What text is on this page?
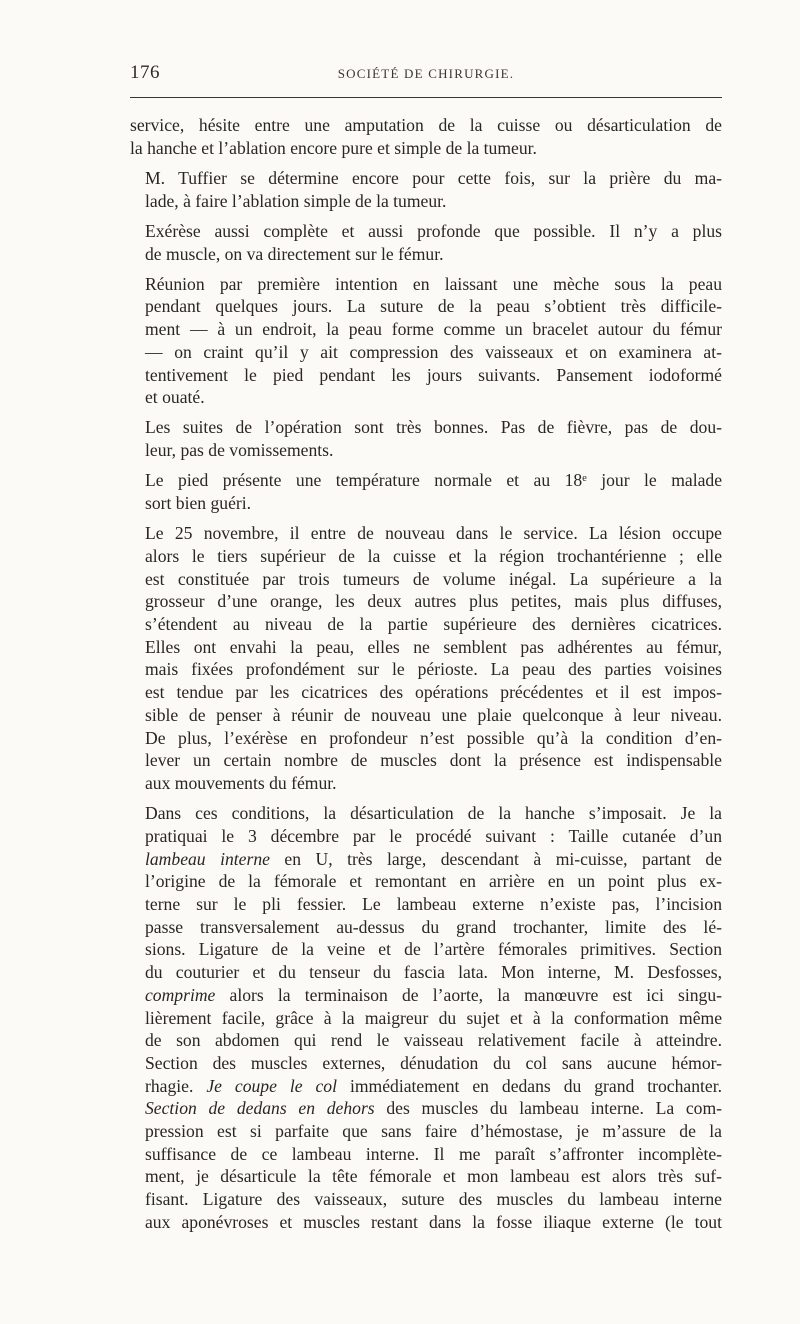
176	SOCIÉTÉ DE CHIRURGIE.

service, hésite entre une amputation de la cuisse ou désarticulation de
la hanche et l’ablation encore pure et simple de la tumeur.

M. Tuffier se détermine encore pour cette fois, sur la prière du ma-
lade, à faire l’ablation simple de la tumeur.

Exérèse aussi complète et aussi profonde que possible. Il n’y a plus
de muscle, on va directement sur le fémur.

Réunion par première intention en laissant une mèche sous la peau
pendant quelques jours. La suture de la peau s’obtient très difficile-
ment — à un endroit, la peau forme comme un bracelet autour du fémur
— on craint qu’il y ait compression des vaisseaux et on examinera at-
tentivement le pied pendant les jours suivants. Pansement iodoformé
et ouaté.

Les suites de l’opération sont très bonnes. Pas de fièvre, pas de dou-
leur, pas de vomissements.

Le pied présente une température normale et au 18ᵉ jour le malade
sort bien guéri.

Le 25 novembre, il entre de nouveau dans le service. La lésion occupe
alors le tiers supérieur de la cuisse et la région trochantérienne ; elle
est constituée par trois tumeurs de volume inégal. La supérieure a la
grosseur d’une orange, les deux autres plus petites, mais plus diffuses,
s’étendent au niveau de la partie supérieure des dernières cicatrices.
Elles ont envahi la peau, elles ne semblent pas adhérentes au fémur,
mais fixées profondément sur le périoste. La peau des parties voisines
est tendue par les cicatrices des opérations précédentes et il est impos-
sible de penser à réunir de nouveau une plaie quelconque à leur niveau.
De plus, l’exérèse en profondeur n’est possible qu’à la condition d’en-
lever un certain nombre de muscles dont la présence est indispensable
aux mouvements du fémur.

Dans ces conditions, la désarticulation de la hanche s’imposait. Je la
pratiquai le 3 décembre par le procédé suivant : Taille cutanée d’un
lambeau interne en U, très large, descendant à mi-cuisse, partant de
l’origine de la fémorale et remontant en arrière en un point plus ex-
terne sur le pli fessier. Le lambeau externe n’existe pas, l’incision
passe transversalement au-dessus du grand trochanter, limite des lé-
sions. Ligature de la veine et de l’artère fémorales primitives. Section
du couturier et du tenseur du fascia lata. Mon interne, M. Desfosses,
comprime alors la terminaison de l’aorte, la manœuvre est ici singu-
lièrement facile, grâce à la maigreur du sujet et à la conformation même
de son abdomen qui rend le vaisseau relativement facile à atteindre.
Section des muscles externes, dénudation du col sans aucune hémor-
rhagie. Je coupe le col immédiatement en dedans du grand trochanter.
Section de dedans en dehors des muscles du lambeau interne. La com-
pression est si parfaite que sans faire d’hémostase, je m’assure de la
suffisance de ce lambeau interne. Il me paraît s’affronter incomplète-
ment, je désarticule la tête fémorale et mon lambeau est alors très suf-
fisant. Ligature des vaisseaux, suture des muscles du lambeau interne
aux aponévroses et muscles restant dans la fosse iliaque externe (le tout
